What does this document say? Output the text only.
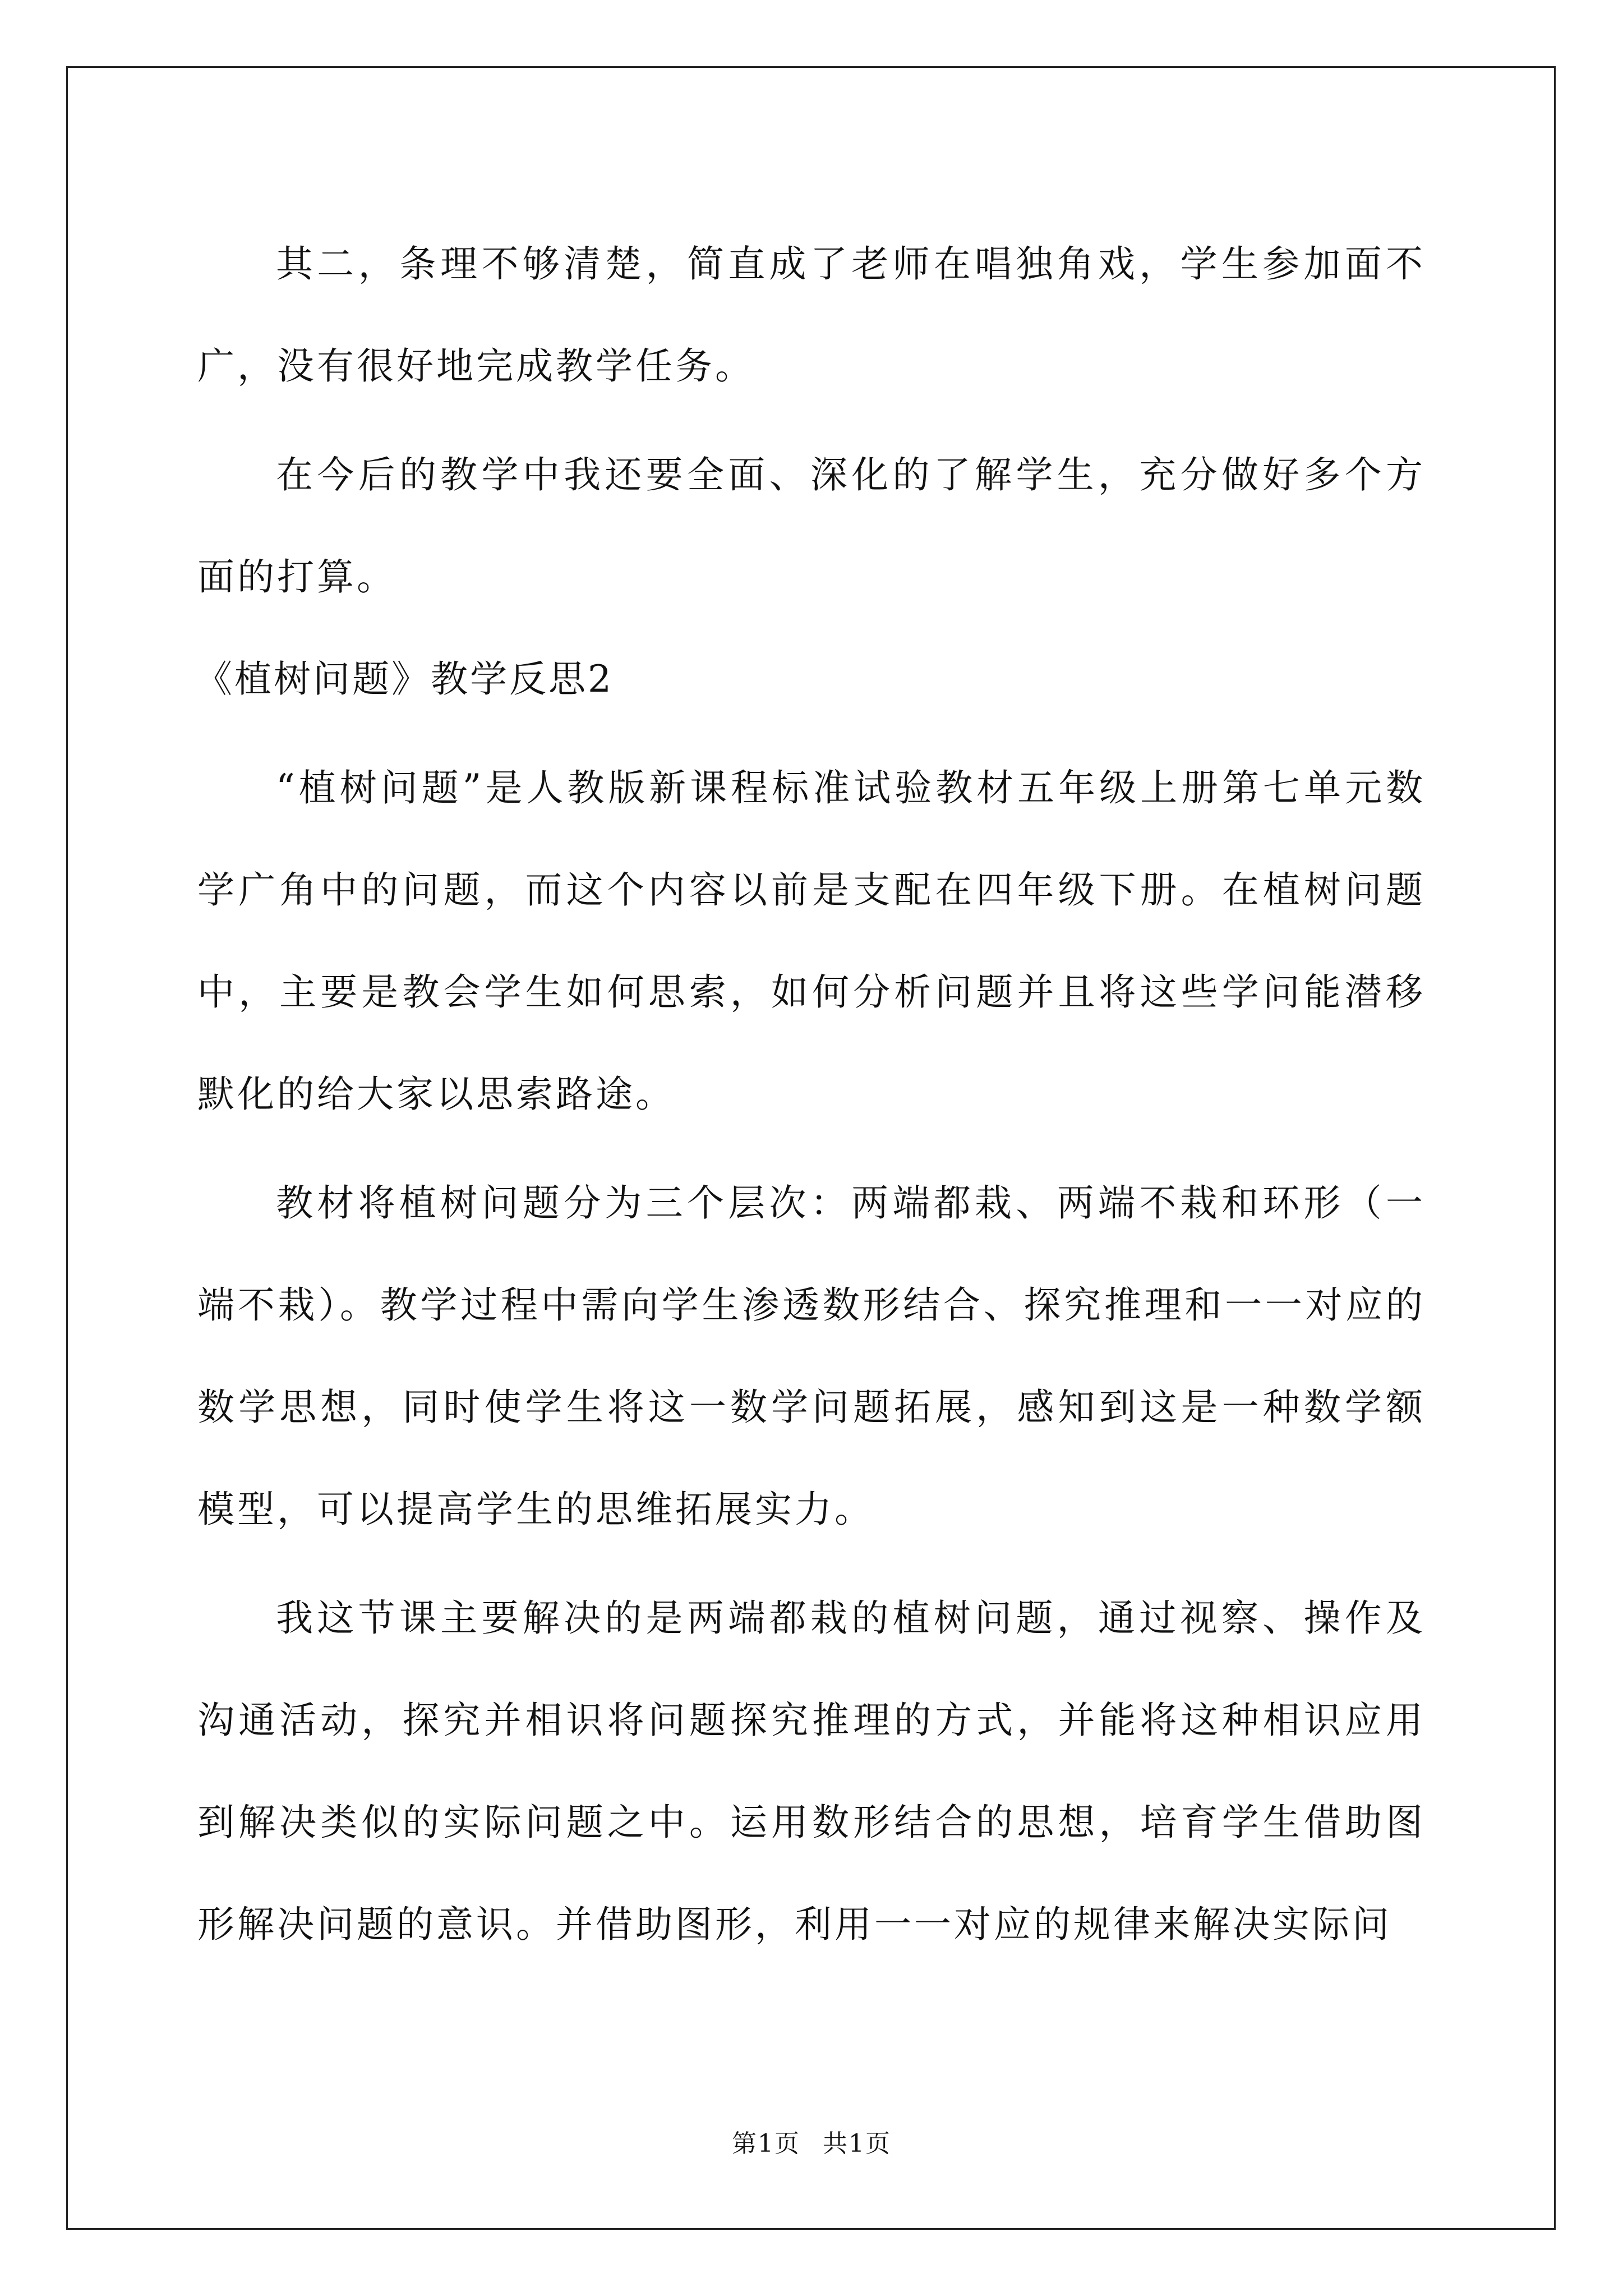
其二，条理不够清楚，简直成了老师在唱独角戏，学生参加面不广，没有很好地完成教学任务。

在今后的教学中我还要全面、深化的了解学生，充分做好多个方面的打算。

《植树问题》教学反思2

“植树问题”是人教版新课程标准试验教材五年级上册第七单元数学广角中的问题，而这个内容以前是支配在四年级下册。在植树问题中，主要是教会学生如何思索，如何分析问题并且将这些学问能潜移默化的给大家以思索路途。

教材将植树问题分为三个层次：两端都栽、两端不栽和环形（一端不栽）。教学过程中需向学生渗透数形结合、探究推理和一一对应的数学思想，同时使学生将这一数学问题拓展，感知到这是一种数学额模型，可以提高学生的思维拓展实力。

我这节课主要解决的是两端都栽的植树问题，通过视察、操作及沟通活动，探究并相识将问题探究推理的方式，并能将这种相识应用到解决类似的实际问题之中。运用数形结合的思想，培育学生借助图形解决问题的意识。并借助图形，利用一一对应的规律来解决实际问

第1页 共1页
